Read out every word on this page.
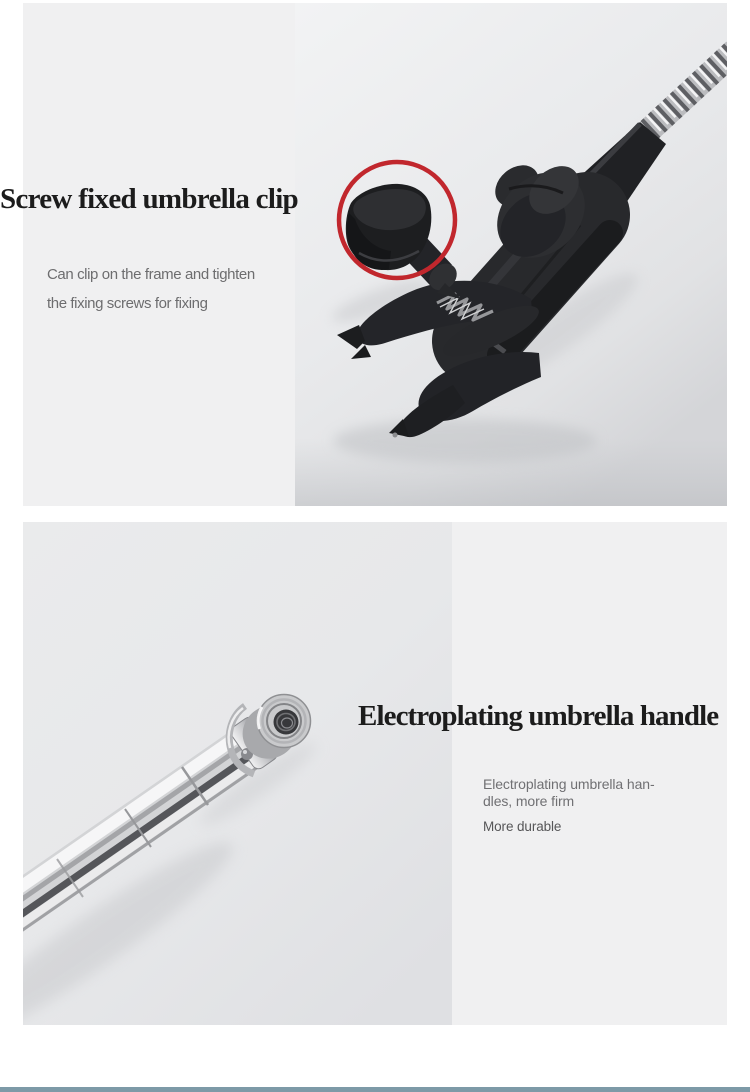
Screw fixed umbrella clip
Can clip on the frame and tighten
the fixing screws for fixing
Electroplating umbrella handle
Electroplating umbrella han-
dles, more firm
More durable
